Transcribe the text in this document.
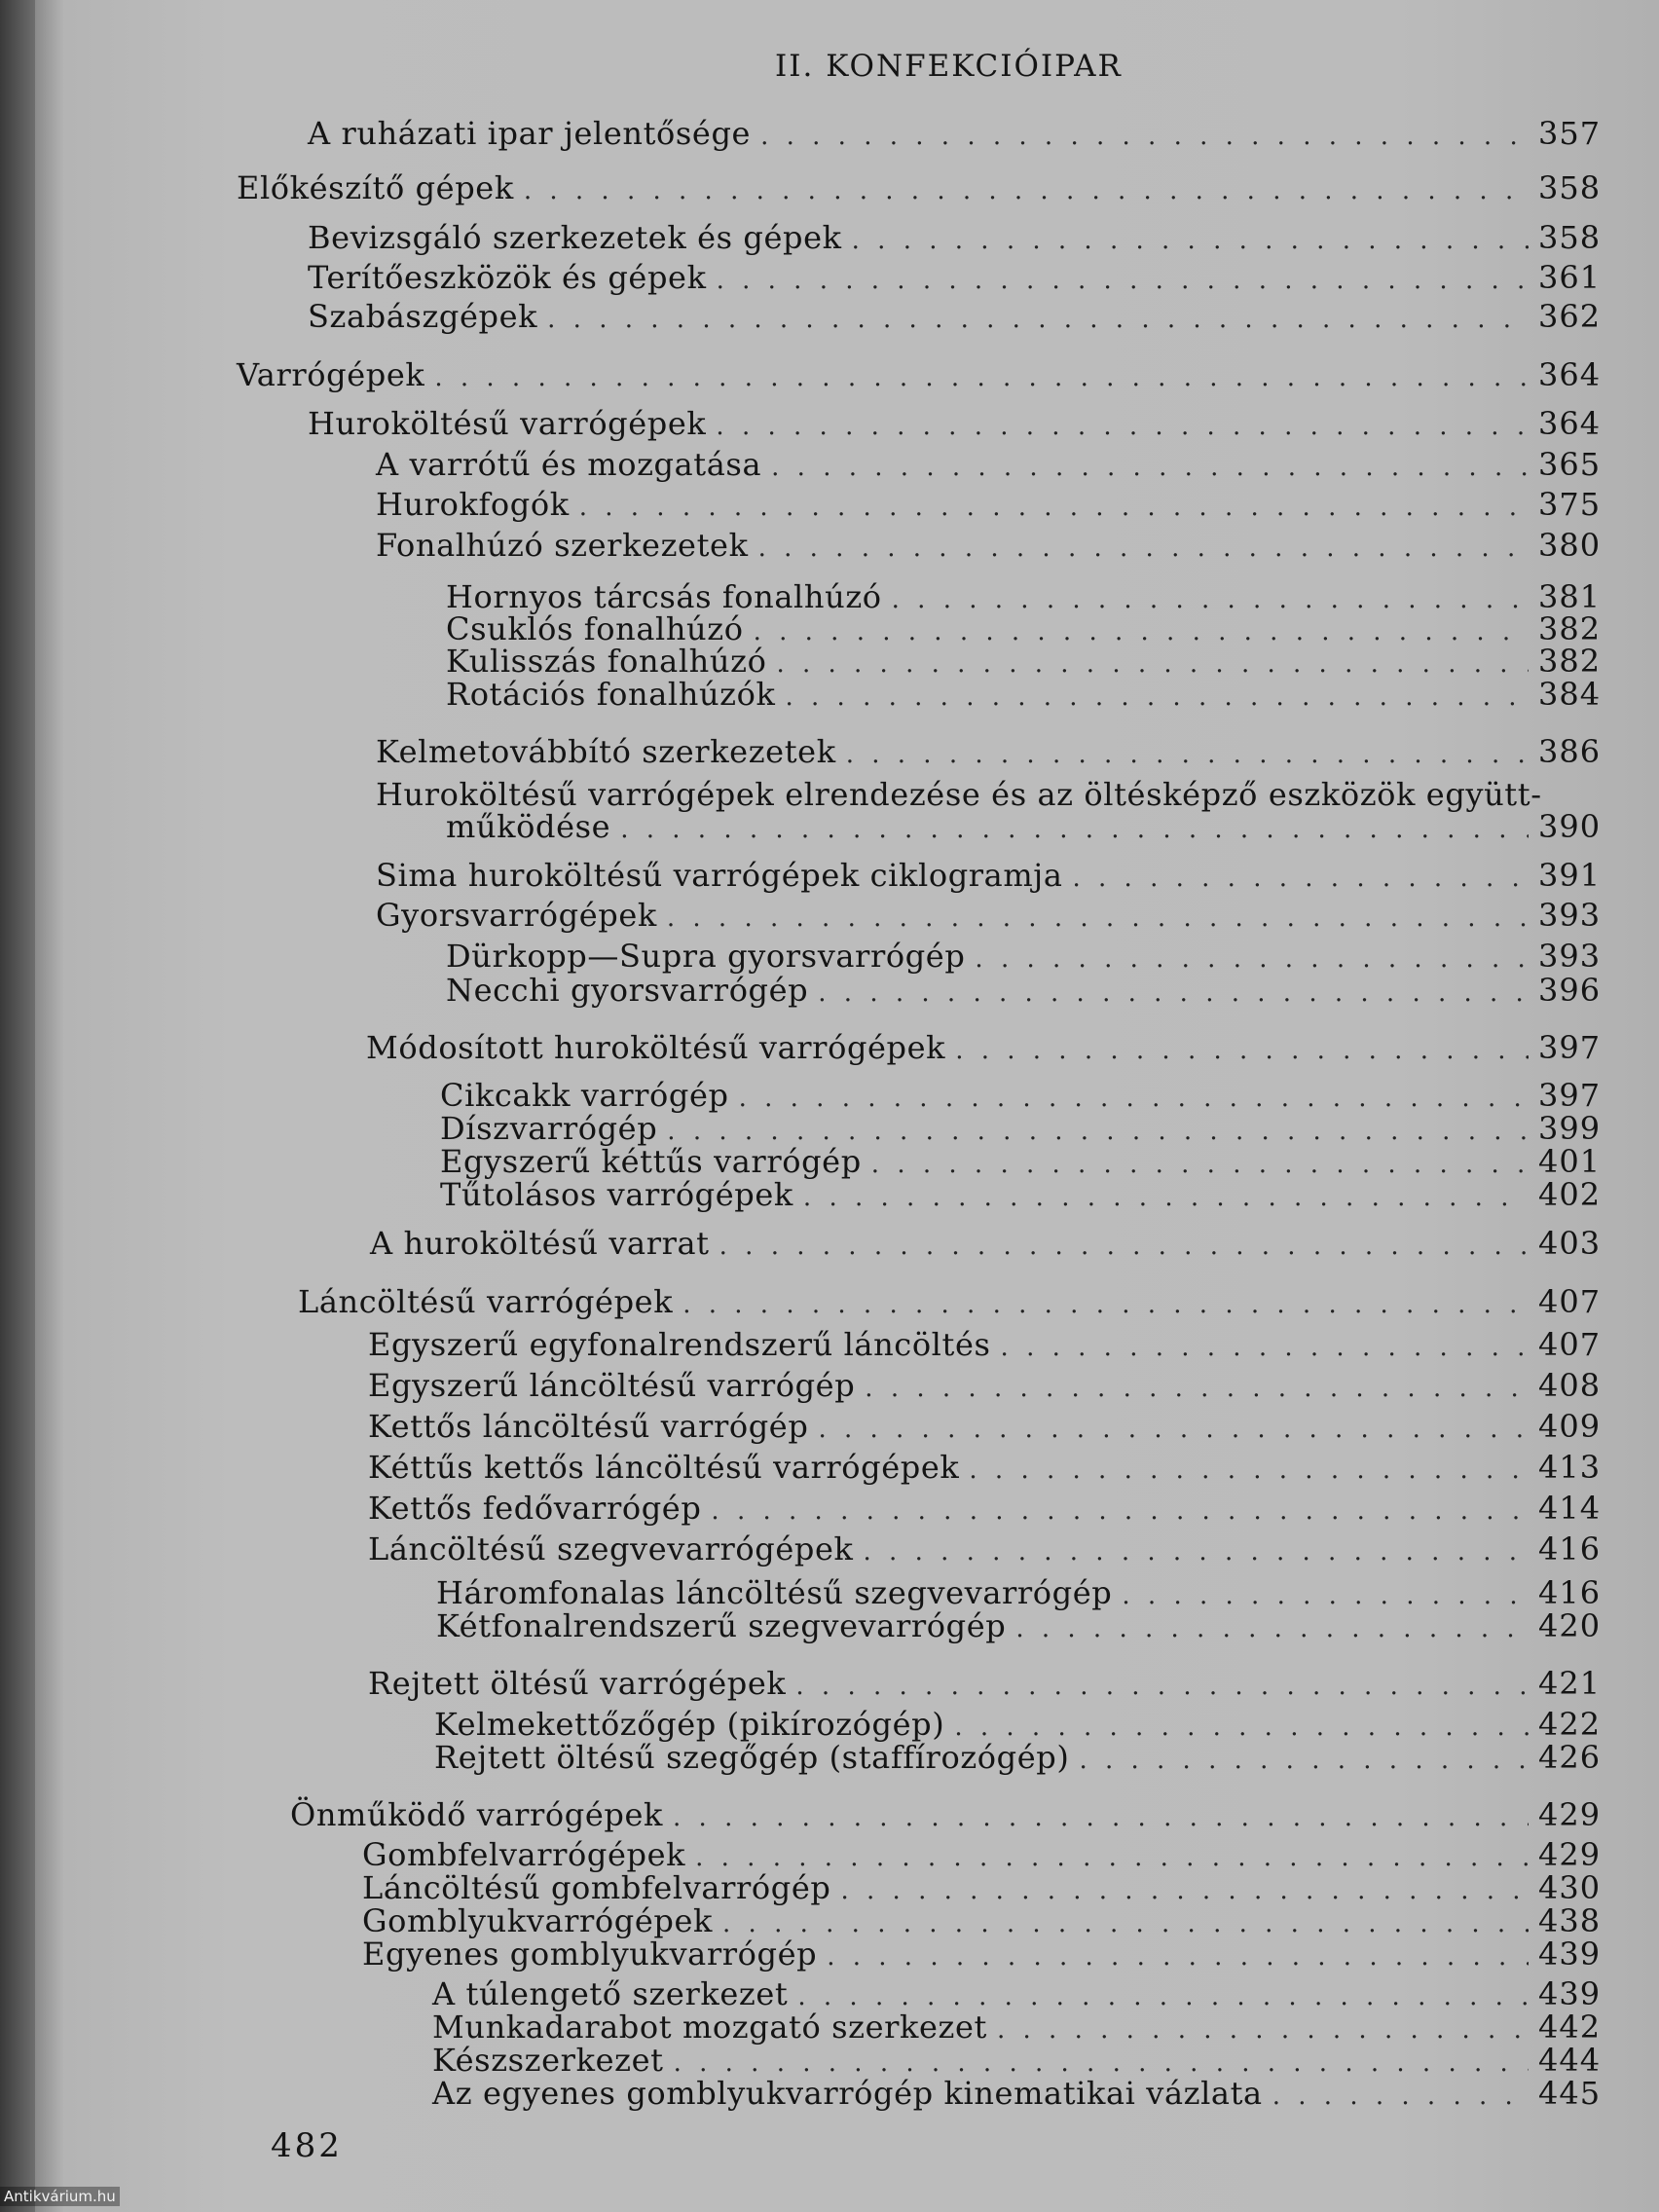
II. KONFEKCIÓIPAR
A ruházati ipar jelentősége . . .	357
Előkészítő gépek . . .	358
Bevizsgáló szerkezetek és gépek . . .	358
Terítőeszközök és gépek . . .	361
Szabászgépek . . .	362
Varrógépek . . .	364
Huroköltésű varrógépek . . .	364
A varrótű és mozgatása . . .	365
Hurokfogók . . .	375
Fonalhúzó szerkezetek . . .	380
Hornyos tárcsás fonalhúzó . . .	381
Csuklós fonalhúzó . . .	382
Kulisszás fonalhúzó . . .	382
Rotációs fonalhúzók . . .	384
Kelmetovábbító szerkezetek . . .	386
Huroköltésű varrógépek elrendezése és az öltésképző eszközök együtt-
működése . . .	390
Sima huroköltésű varrógépek ciklogramja . . .	391
Gyorsvarrógépek . . .	393
Dürkopp—Supra gyorsvarrógép . . .	393
Necchi gyorsvarrógép . . .	396
Módosított huroköltésű varrógépek . . .	397
Cikcakk varrógép . . .	397
Díszvarrógép . . .	399
Egyszerű kéttűs varrógép . . .	401
Tűtolásos varrógépek . . .	402
A huroköltésű varrat . . .	403
Láncöltésű varrógépek . . .	407
Egyszerű egyfonalrendszerű láncöltés . . .	407
Egyszerű láncöltésű varrógép . . .	408
Kettős láncöltésű varrógép . . .	409
Kéttűs kettős láncöltésű varrógépek . . .	413
Kettős fedővarrógép . . .	414
Láncöltésű szegvevarrógépek . . .	416
Háromfonalas láncöltésű szegvevarrógép . . .	416
Kétfonalrendszerű szegvevarrógép . . .	420
Rejtett öltésű varrógépek . . .	421
Kelmekettőzőgép (pikírozógép) . . .	422
Rejtett öltésű szegőgép (staffírozógép) . . .	426
Önműködő varrógépek . . .	429
Gombfelvarrógépek . . .	429
Láncöltésű gombfelvarrógép . . .	430
Gomblyukvarrógépek . . .	438
Egyenes gomblyukvarrógép . . .	439
A túlengető szerkezet . . .	439
Munkadarabot mozgató szerkezet . . .	442
Készszerkezet . . .	444
Az egyenes gomblyukvarrógép kinematikai vázlata . . .	445
482
Antikvárium.hu
